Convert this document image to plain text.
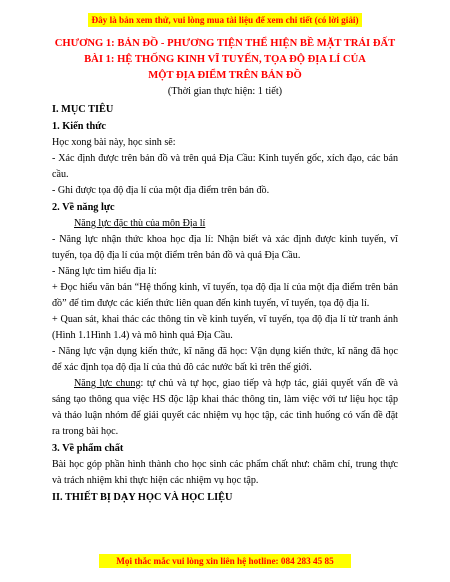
Đây là bản xem thử, vui lòng mua tài liệu để xem chi tiết (có lời giải)
CHƯƠNG 1: BẢN ĐỒ - PHƯƠNG TIỆN THỂ HIỆN BỀ MẶT TRÁI ĐẤT
BÀI 1: HỆ THỐNG KINH VĨ TUYẾN, TỌA ĐỘ ĐỊA LÍ CỦA
MỘT ĐỊA ĐIỂM TRÊN BẢN ĐỒ
(Thời gian thực hiện: 1 tiết)
I. MỤC TIÊU
1. Kiến thức

Học xong bài này, học sinh sẽ:

- Xác định được trên bản đồ và trên quả Địa Cầu: Kinh tuyến gốc, xích đạo, các bán cầu.

- Ghi được tọa độ địa lí của một địa điểm trên bản đồ.

2. Về năng lực
Năng lực đặc thù của môn Địa lí

- Năng lực nhận thức khoa học địa lí: Nhận biết và xác định được kinh tuyến, vĩ tuyến, tọa độ địa lí của một điểm trên bản đồ và quả Địa Cầu.

- Năng lực tìm hiểu địa lí:

+ Đọc hiểu văn bản “Hệ thống kinh, vĩ tuyến, tọa độ địa lí của một địa điểm trên bản đồ” để tìm được các kiến thức liên quan đến kinh tuyến, vĩ tuyến, tọa độ địa lí.

+ Quan sát, khai thác các thông tin về kinh tuyến, vĩ tuyến, tọa độ địa lí từ tranh ảnh (Hình 1.1Hình 1.4) và mô hình quả Địa Cầu.

- Năng lực vận dụng kiến thức, kĩ năng đã học: Vận dụng kiến thức, kĩ năng đã học để xác định tọa độ địa lí của thủ đô các nước bất kì trên thế giới.

Năng lực chung: tự chủ và tự học, giao tiếp và hợp tác, giải quyết vấn đề và sáng tạo thông qua việc HS độc lập khai thác thông tin, làm việc với tư liệu học tập và thảo luận nhóm để giải quyết các nhiệm vụ học tập, các tình huống có vấn đề đặt ra trong bài học.

3. Về phẩm chất

Bài học góp phần hình thành cho học sinh các phẩm chất như: chăm chỉ, trung thực và trách nhiệm khi thực hiện các nhiệm vụ học tập.

II. THIẾT BỊ DẠY HỌC VÀ HỌC LIỆU
Mọi thắc mắc vui lòng xin liên hệ hotline: 084 283 45 85
